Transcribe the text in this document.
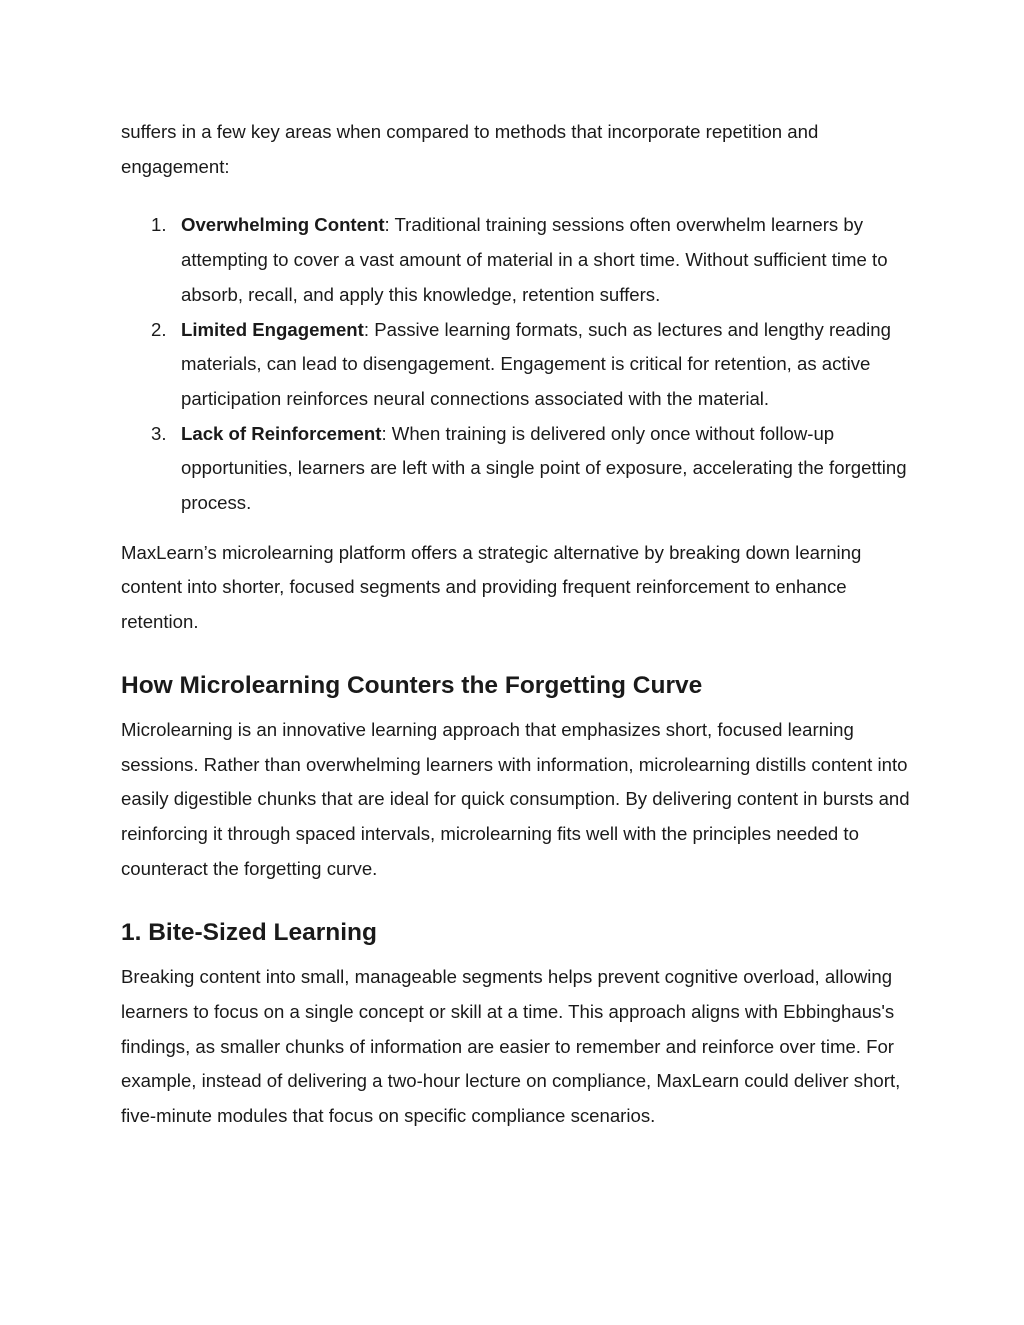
suffers in a few key areas when compared to methods that incorporate repetition and engagement:

1. Overwhelming Content: Traditional training sessions often overwhelm learners by attempting to cover a vast amount of material in a short time. Without sufficient time to absorb, recall, and apply this knowledge, retention suffers.
2. Limited Engagement: Passive learning formats, such as lectures and lengthy reading materials, can lead to disengagement. Engagement is critical for retention, as active participation reinforces neural connections associated with the material.
3. Lack of Reinforcement: When training is delivered only once without follow-up opportunities, learners are left with a single point of exposure, accelerating the forgetting process.

MaxLearn’s microlearning platform offers a strategic alternative by breaking down learning content into shorter, focused segments and providing frequent reinforcement to enhance retention.

How Microlearning Counters the Forgetting Curve

Microlearning is an innovative learning approach that emphasizes short, focused learning sessions. Rather than overwhelming learners with information, microlearning distills content into easily digestible chunks that are ideal for quick consumption. By delivering content in bursts and reinforcing it through spaced intervals, microlearning fits well with the principles needed to counteract the forgetting curve.

1. Bite-Sized Learning

Breaking content into small, manageable segments helps prevent cognitive overload, allowing learners to focus on a single concept or skill at a time. This approach aligns with Ebbinghaus's findings, as smaller chunks of information are easier to remember and reinforce over time. For example, instead of delivering a two-hour lecture on compliance, MaxLearn could deliver short, five-minute modules that focus on specific compliance scenarios.
